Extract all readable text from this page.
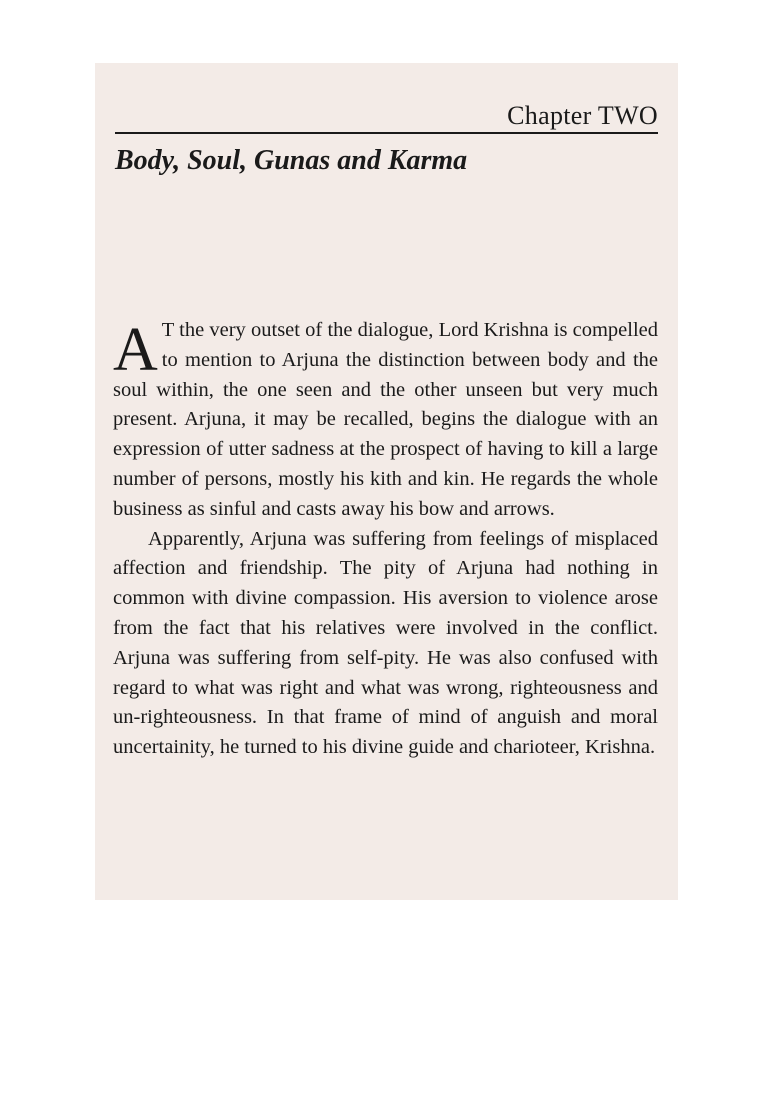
Chapter TWO
Body, Soul, Gunas and Karma

A T the very outset of the dialogue, Lord Krishna is compelled to mention to Arjuna the distinction between body and the soul within, the one seen and the other unseen but very much present. Arjuna, it may be recalled, begins the dialogue with an expression of utter sadness at the prospect of having to kill a large number of persons, mostly his kith and kin. He regards the whole business as sinful and casts away his bow and arrows.

Apparently, Arjuna was suffering from feelings of misplaced affection and friendship. The pity of Arjuna had nothing in common with divine compassion. His aversion to violence arose from the fact that his relatives were involved in the conflict. Arjuna was suffering from self-pity. He was also confused with regard to what was right and what was wrong, righteousness and un-righteousness. In that frame of mind of anguish and moral uncertainity, he turned to his divine guide and charioteer, Krishna.
